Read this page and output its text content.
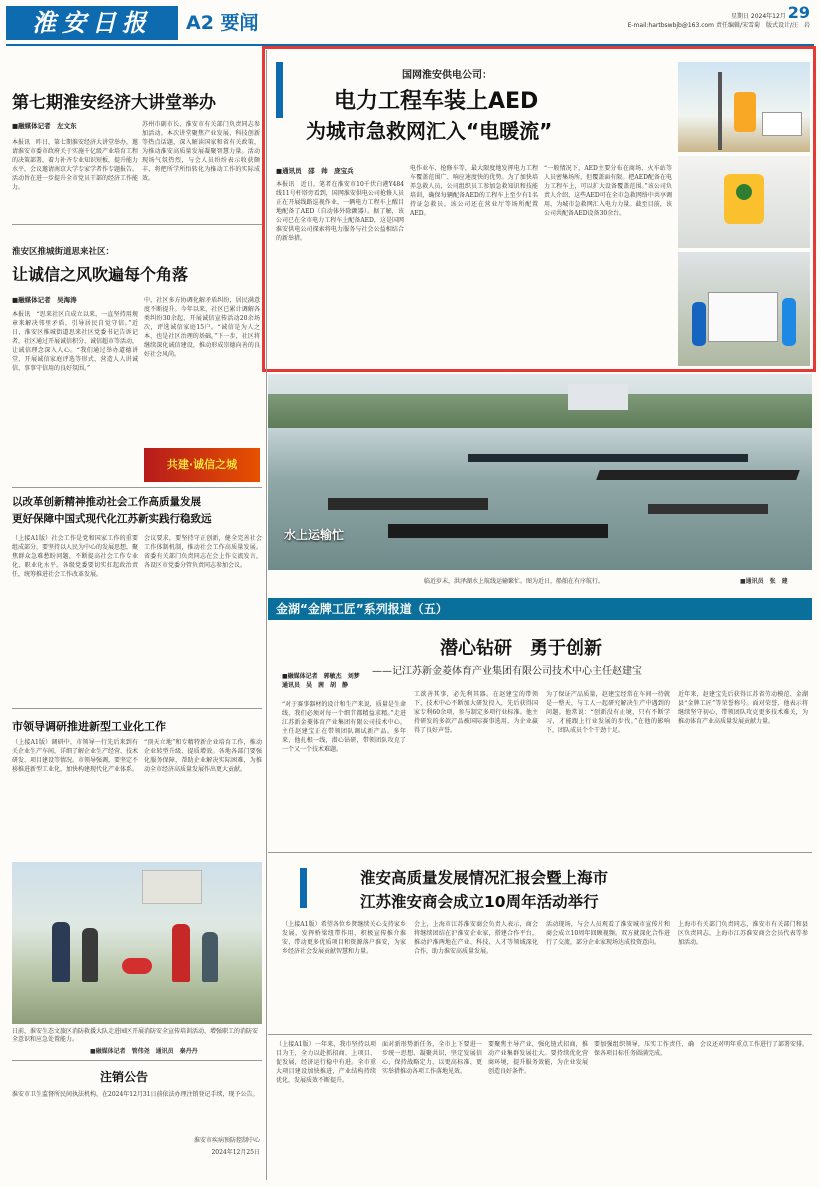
淮安日报	A2 要闻	星期日 2024年12月 29
E-mail:hartbswbjb@163.com 责任编辑/宋雪菊　版式设计/汪　岩
第七期淮安经济大讲堂举办
■融媒体记者　左文东
本报讯　昨日，第七期淮安经济大讲堂举办，邀请淮安市委市政府关于实施千亿级产业培育工程的决策部署，着力补齐专业知识短板，提升能力水平，会议邀请南京大学专家学者作专题报告。活动旨在进一步提升全市党员干部的经济工作能力。
苏州市副市长、淮安市有关部门负责同志参加活动。本次讲堂聚焦产业发展、科技创新等热点话题，深入解读国家和省有关政策，为推动淮安高质量发展凝聚智慧力量。活动现场气氛热烈，与会人员纷纷表示收获颇丰，将把所学所悟转化为推动工作的实际成效。
淮安区推城街道思来社区：
让诚信之风吹遍每个角落
■融媒体记者　吴海涛
本报讯　“思来社区自成立以来，一直坚持用规章来解决邻里矛盾，引导居民自觉守信。”近日，淮安区推城街道思来社区党委书记告诉记者，社区通过开展诚信积分、诚信超市等活动，让诚信理念深入人心。“我们通过举办道德讲堂、开展诚信家庭评选等形式，营造人人讲诚信、事事守信用的良好氛围。”
中，社区多方协调化解矛盾纠纷，居民满意度不断提升。今年以来，社区已累计调解各类纠纷30余起，开展诚信宣传活动20余场次，评选诚信家庭15户。“诚信是为人之本，也是社区治理的基础。”下一步，社区将继续深化诚信建设，推动形成崇德向善的良好社会风尚。
共建·诚信之城
以改革创新精神推动社会工作高质量发展
更好保障中国式现代化江苏新实践行稳致远
（上接A1版）社会工作是党和国家工作的重要组成部分，要坚持以人民为中心的发展思想，聚焦群众急难愁盼问题，不断提高社会工作专业化、职业化水平。各级党委要切实扛起政治责任，统筹推进社会工作改革发展。
会议要求，要坚持守正创新，健全完善社会工作体制机制，推动社会工作高质量发展。省委有关部门负责同志在会上作交流发言，各设区市党委分管负责同志参加会议。
市领导调研推进新型工业化工作
（上接A1版）调研中，市领导一行先后来到有关企业生产车间，详细了解企业生产经营、技术研发、项目建设等情况。市领导强调，要坚定不移推进新型工业化，加快构建现代化产业体系。
“顶天立地”和专精特新企业培育工作，推动企业转型升级、提质增效。各地各部门要强化服务保障，帮助企业解决实际困难，为推动全市经济高质量发展作出更大贡献。
日前，淮安生态文旅区消防救援大队走进园区开展消防安全宣传培训活动，增强职工的消防安全意识和应急处置能力。
■融媒体记者　管伟尧　通讯员　秦丹丹
注销公告
淮安市卫生监督所民间执法机构，在2024年12月31日前依法办理注销登记手续，现予公告。
淮安市疾病预防控制中心
2024年12月25日
国网淮安供电公司：
电力工程车装上AED
为城市急救网汇入“电暖流”
■通讯员　邵　帅　庞宝兵
本报讯　近日，笔者在淮安市10千伏白港Y484线11号杆塔旁看到，国网淮安供电公司抢修人员正在开展线路巡视作业，一辆电力工程车上醒目地配备了AED（自动体外除颤器）。据了解，该公司已在全市电力工程车上配备AED，这是国网淮安供电公司探索将电力服务与社会公益相结合的新举措。
电作业车、抢修车等，最大限度地发挥电力工程车覆盖范围广、响应速度快的优势。为了加快培养急救人员，公司组织员工参加急救知识和技能培训，确保每辆配备AED的工程车上至少有1名持证急救员。该公司还在营业厅等场所配置AED。
“一般情况下，AED主要分布在商场、火车站等人员密集场所，但覆盖面有限。把AED配备在电力工程车上，可以扩大设备覆盖范围。”该公司负责人介绍，这些AED可在全市急救网络中共享调用，为城市急救网汇入电力力量。截至目前，该公司共配备AED设备30余台。
水上运输忙
临近岁末，洪泽湖水上航线运输繁忙。图为近日，船舶在有序航行。	■通讯员　张　建
金湖“金牌工匠”系列报道（五）
潜心钻研　勇于创新
——记江苏新金菱体育产业集团有限公司技术中心主任赵建宝
■融媒体记者　郭敏杰　刘梦
通讯员　吴　茜　胡　静
“对于赛事器材的设计和生产来说，质量是生命线，我们必须对每一个细节都精益求精。”走进江苏新金菱体育产业集团有限公司技术中心，主任赵建宝正在带领团队调试新产品。多年来，他扎根一线，潜心钻研，带领团队攻克了一个又一个技术难题。
工欲善其事，必先利其器。在赵建宝的带领下，技术中心不断加大研发投入，先后获得国家专利60余项，参与制定多项行业标准。他主持研发的多款产品被国际赛事选用，为企业赢得了良好声誉。
为了保证产品质量，赵建宝经常在车间一待就是一整天，与工人一起研究解决生产中遇到的问题。他常说：“创新没有止境，只有不断学习，才能跟上行业发展的步伐。”在他的影响下，团队成员个个干劲十足。
近年来，赵建宝先后获得江苏省劳动模范、金湖县“金牌工匠”等荣誉称号。面对荣誉，他表示将继续坚守初心，带领团队攻克更多技术难关，为推动体育产业高质量发展贡献力量。
淮安高质量发展情况汇报会暨上海市
江苏淮安商会成立10周年活动举行
（上接A1版）希望各位乡贤继续关心支持家乡发展，发挥桥梁纽带作用，积极宣传推介淮安，带动更多优质项目和资源落户淮安，为家乡经济社会发展贡献智慧和力量。
会上，上海市江苏淮安商会负责人表示，商会将继续团结在沪淮安企业家，搭建合作平台，推动沪淮两地在产业、科技、人才等领域深化合作，助力淮安高质量发展。
活动现场，与会人员观看了淮安城市宣传片和商会成立10周年回顾视频。双方就深化合作进行了交流，部分企业家现场达成投资意向。
上海市有关部门负责同志，淮安市有关部门和县区负责同志，上海市江苏淮安商会会员代表等参加活动。
（上接A1版）一年来，我市坚持以项目为王，全力以赴抓招商、上项目、促发展，经济运行稳中有进。全市重大项目建设加快推进，产业结构持续优化，发展质效不断提升。
面对新形势新任务，全市上下要进一步统一思想、凝聚共识，坚定发展信心，保持战略定力，以更高标准、更实举措推动各项工作落地见效。
要聚焦主导产业，强化链式招商，推动产业集群发展壮大。要持续优化营商环境，提升服务效能，为企业发展创造良好条件。
要加强组织领导，压实工作责任，确保各项目标任务圆满完成。
会议还对明年重点工作进行了部署安排。
